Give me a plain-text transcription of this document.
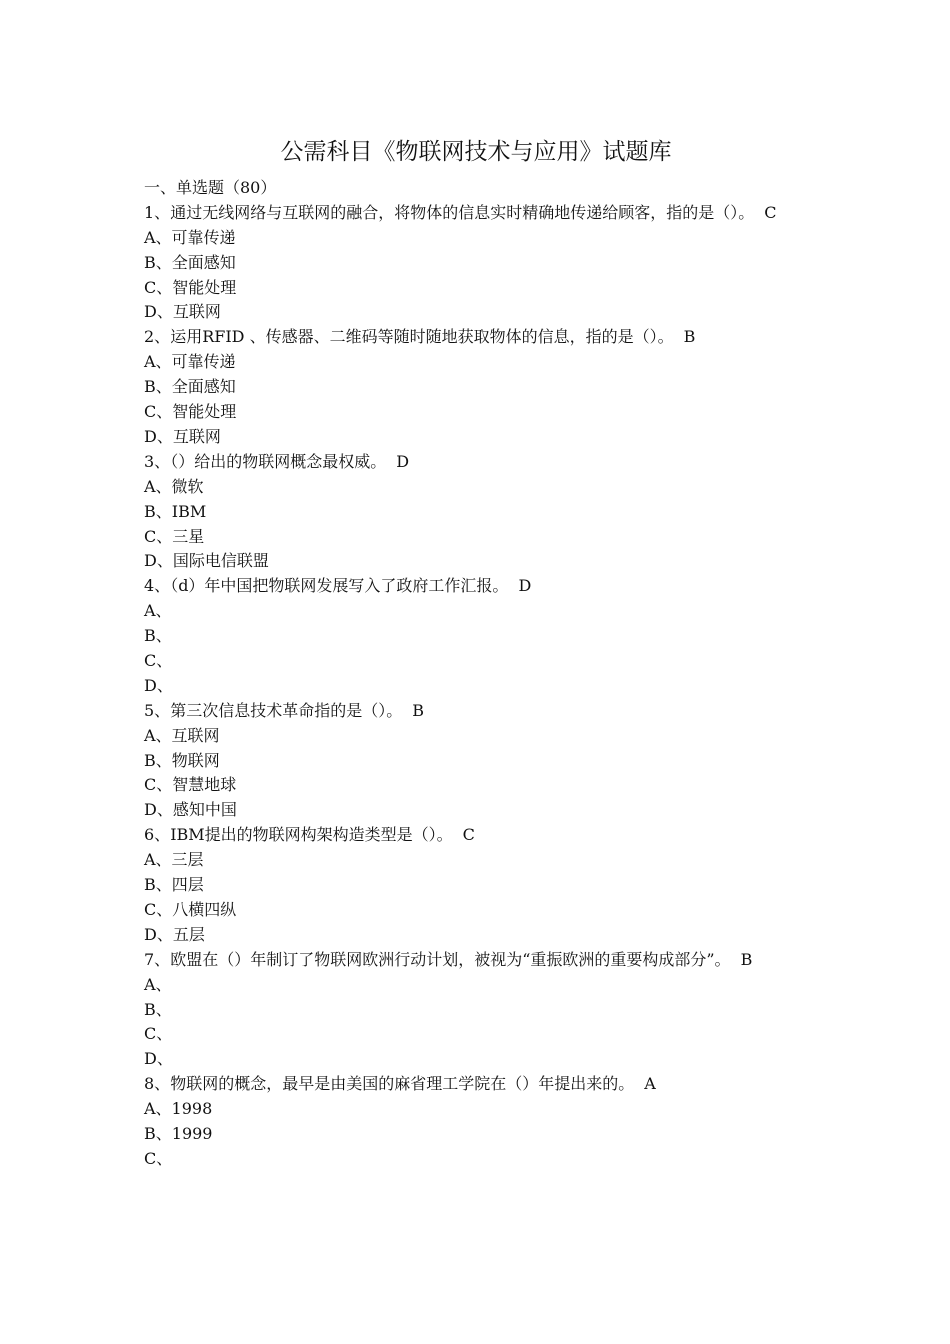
公需科目《物联网技术与应用》试题库
一、单选题（80）
1、通过无线网络与互联网的融合，将物体的信息实时精确地传递给顾客，指的是（）。 C
A、可靠传递
B、全面感知
C、智能处理
D、互联网
2、运用RFID 、传感器、二维码等随时随地获取物体的信息，指的是（）。 B
A、可靠传递
B、全面感知
C、智能处理
D、互联网
3、（）给出的物联网概念最权威。 D
A、微软
B、IBM
C、三星
D、国际电信联盟
4、（d）年中国把物联网发展写入了政府工作汇报。 D
A、
B、
C、
D、
5、第三次信息技术革命指的是（）。 B
A、互联网
B、物联网
C、智慧地球
D、感知中国
6、IBM提出的物联网构架构造类型是（）。 C
A、三层
B、四层
C、八横四纵
D、五层
7、欧盟在（）年制订了物联网欧洲行动计划，被视为“重振欧洲的重要构成部分”。 B
A、
B、
C、
D、
8、物联网的概念，最早是由美国的麻省理工学院在（）年提出来的。 A
A、1998
B、1999
C、
